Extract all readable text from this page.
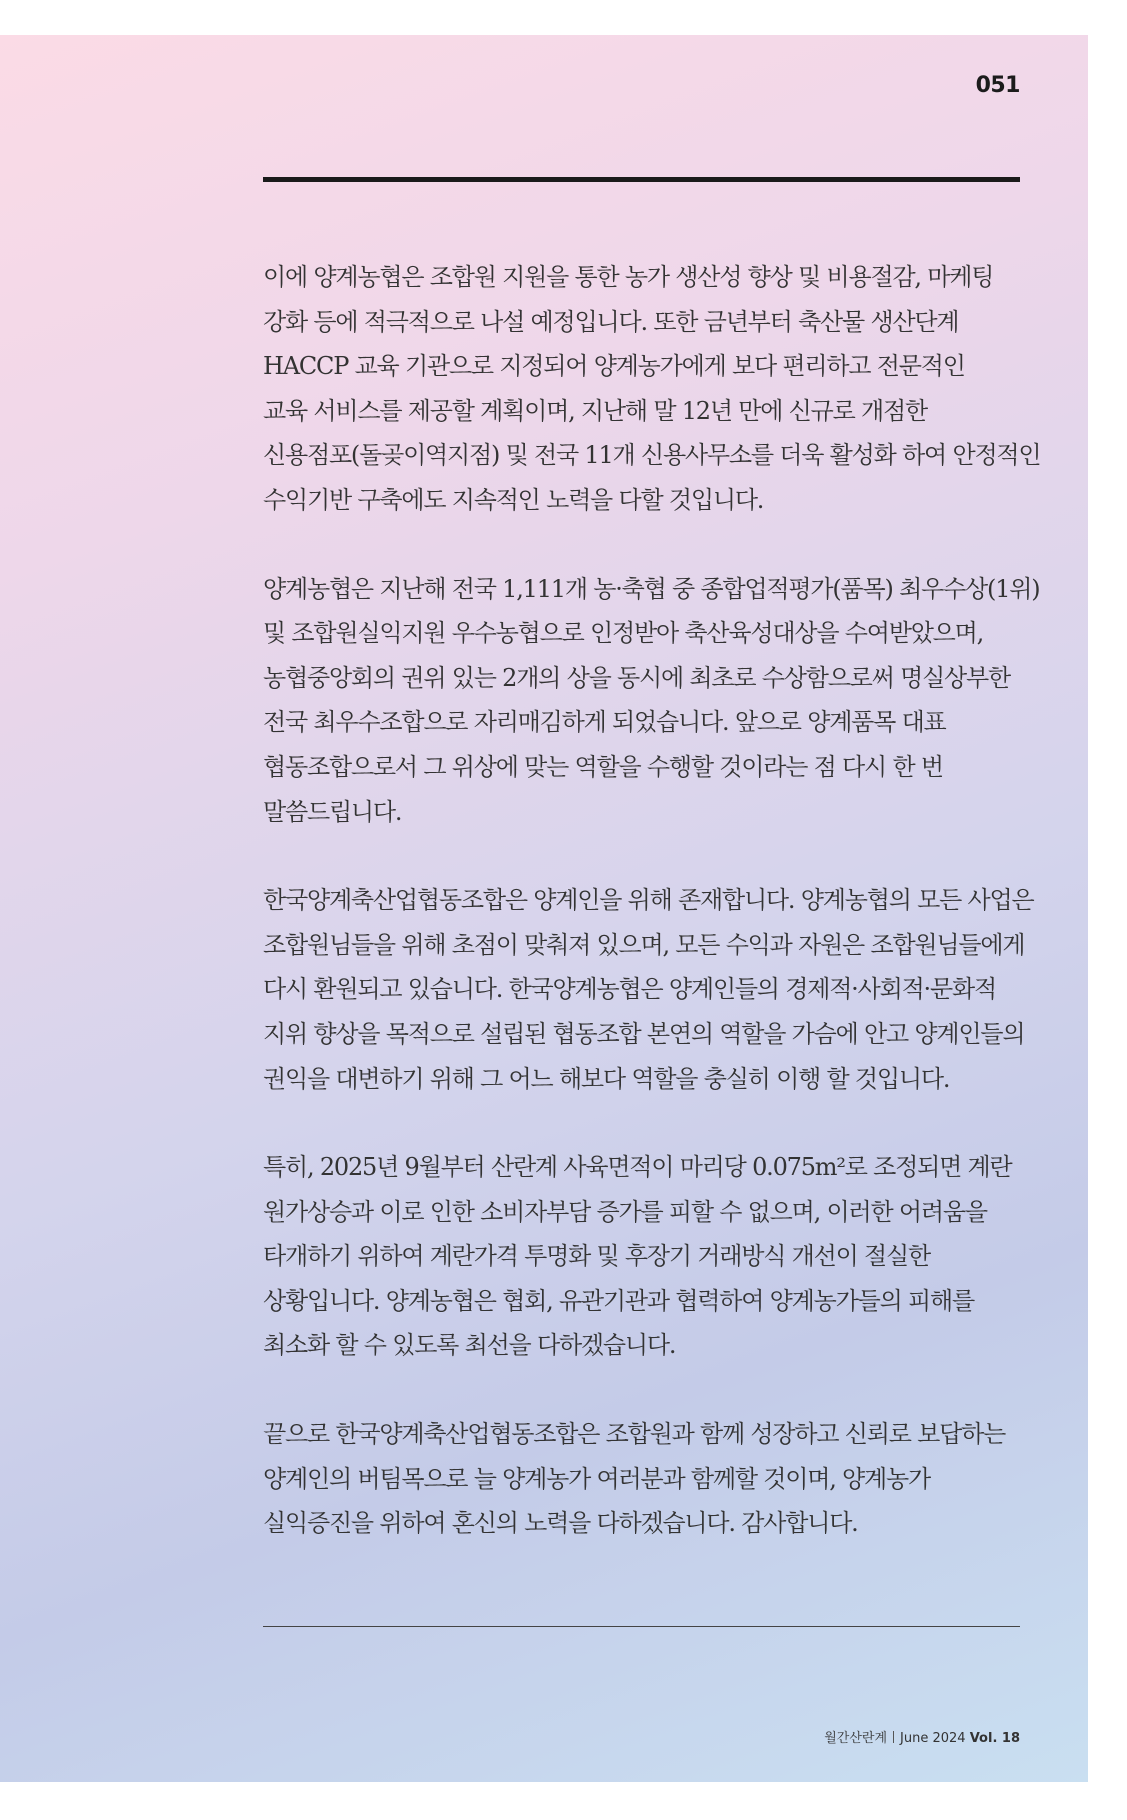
051

이에 양계농협은 조합원 지원을 통한 농가 생산성 향상 및 비용절감, 마케팅
강화 등에 적극적으로 나설 예정입니다. 또한 금년부터 축산물 생산단계
HACCP 교육 기관으로 지정되어 양계농가에게 보다 편리하고 전문적인
교육 서비스를 제공할 계획이며, 지난해 말 12년 만에 신규로 개점한
신용점포(돌곶이역지점) 및 전국 11개 신용사무소를 더욱 활성화 하여 안정적인
수익기반 구축에도 지속적인 노력을 다할 것입니다.

양계농협은 지난해 전국 1,111개 농·축협 중 종합업적평가(품목) 최우수상(1위)
및 조합원실익지원 우수농협으로 인정받아 축산육성대상을 수여받았으며,
농협중앙회의 권위 있는 2개의 상을 동시에 최초로 수상함으로써 명실상부한
전국 최우수조합으로 자리매김하게 되었습니다. 앞으로 양계품목 대표
협동조합으로서 그 위상에 맞는 역할을 수행할 것이라는 점 다시 한 번
말씀드립니다.

한국양계축산업협동조합은 양계인을 위해 존재합니다. 양계농협의 모든 사업은
조합원님들을 위해 초점이 맞춰져 있으며, 모든 수익과 자원은 조합원님들에게
다시 환원되고 있습니다. 한국양계농협은 양계인들의 경제적·사회적·문화적
지위 향상을 목적으로 설립된 협동조합 본연의 역할을 가슴에 안고 양계인들의
권익을 대변하기 위해 그 어느 해보다 역할을 충실히 이행 할 것입니다.

특히, 2025년 9월부터 산란계 사육면적이 마리당 0.075m²로 조정되면 계란
원가상승과 이로 인한 소비자부담 증가를 피할 수 없으며, 이러한 어려움을
타개하기 위하여 계란가격 투명화 및 후장기 거래방식 개선이 절실한
상황입니다. 양계농협은 협회, 유관기관과 협력하여 양계농가들의 피해를
최소화 할 수 있도록 최선을 다하겠습니다.

끝으로 한국양계축산업협동조합은 조합원과 함께 성장하고 신뢰로 보답하는
양계인의 버팀목으로 늘 양계농가 여러분과 함께할 것이며, 양계농가
실익증진을 위하여 혼신의 노력을 다하겠습니다. 감사합니다.

월간산란계 June 2024 Vol. 18
